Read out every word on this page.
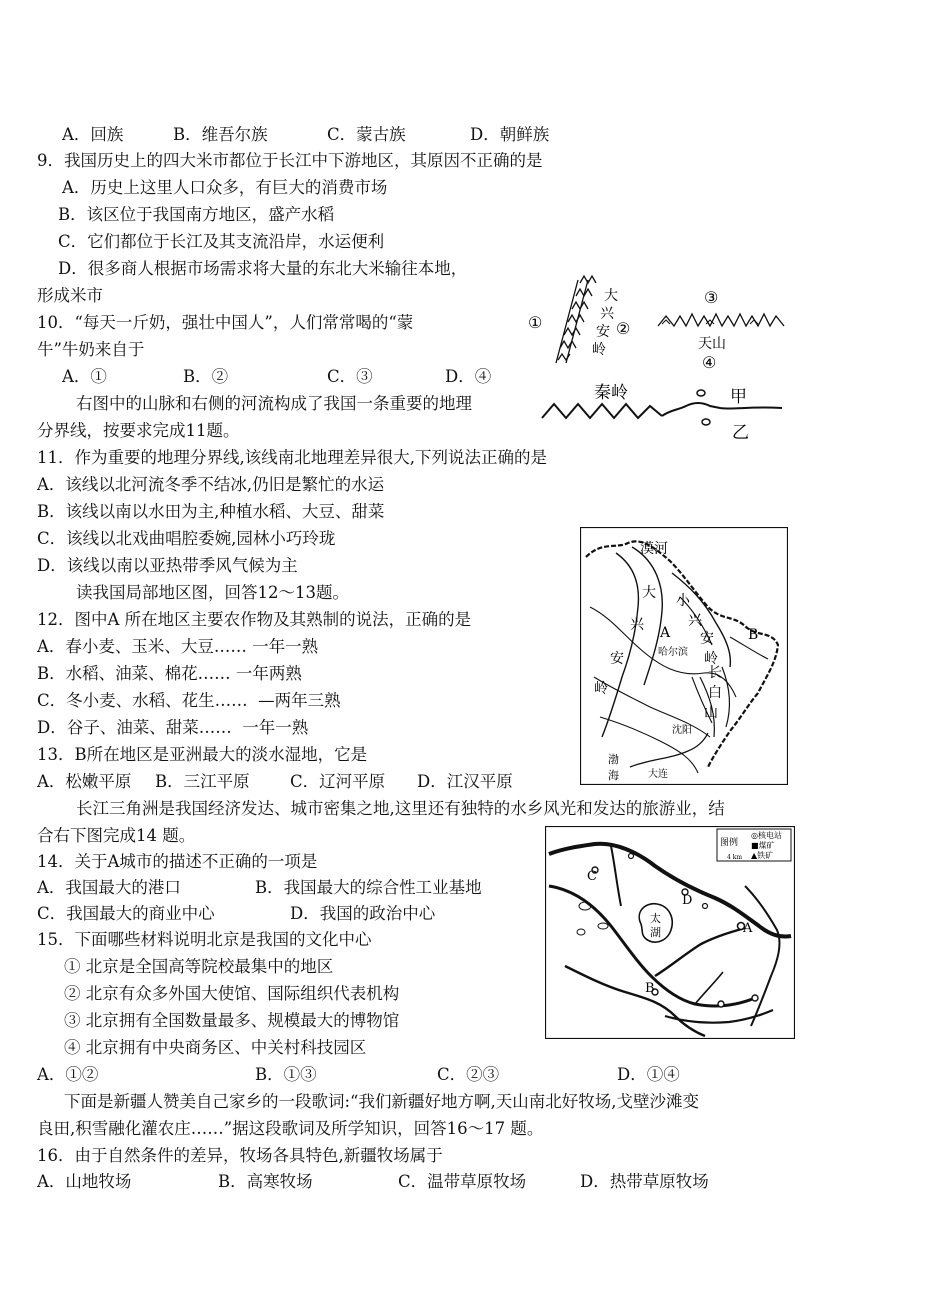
A．回族	B．维吾尔族	C．蒙古族	D．朝鲜族
9．我国历史上的四大米市都位于长江中下游地区，其原因不正确的是
A．历史上这里人口众多，有巨大的消费市场
B．该区位于我国南方地区，盛产水稻
C．它们都位于长江及其支流沿岸，水运便利
D．很多商人根据市场需求将大量的东北大米输往本地，
形成米市
10．“每天一斤奶，强壮中国人”，人们常常喝的“蒙
牛”牛奶来自于
A．①	B．②	C．③	D．④
右图中的山脉和右侧的河流构成了我国一条重要的地理
分界线，按要求完成11题。
11．作为重要的地理分界线,该线南北地理差异很大,下列说法正确的是
A．该线以北河流冬季不结冰,仍旧是繁忙的水运
B．该线以南以水田为主,种植水稻、大豆、甜菜
C．该线以北戏曲唱腔委婉,园林小巧玲珑
D．该线以南以亚热带季风气候为主
读我国局部地区图，回答12～13题。
12．图中A 所在地区主要农作物及其熟制的说法，正确的是
A．春小麦、玉米、大豆…… 一年一熟
B．水稻、油菜、棉花…… 一年两熟
C．冬小麦、水稻、花生……  —两年三熟
D．谷子、油菜、甜菜……  一年一熟
13．B所在地区是亚洲最大的淡水湿地，它是
A．松嫩平原 B．三江平原 C．辽河平原 D．江汉平原
长江三角洲是我国经济发达、城市密集之地,这里还有独特的水乡风光和发达的旅游业，结
合右下图完成14 题。
14．关于A城市的描述不正确的一项是
A．我国最大的港口	B．我国最大的综合性工业基地
C．我国最大的商业中心	D．我国的政治中心
15．下面哪些材料说明北京是我国的文化中心
① 北京是全国高等院校最集中的地区
② 北京有众多外国大使馆、国际组织代表机构
③ 北京拥有全国数量最多、规模最大的博物馆
④ 北京拥有中央商务区、中关村科技园区
A．①②	B．①③	C．②③	D．①④
下面是新疆人赞美自己家乡的一段歌词:“我们新疆好地方啊,天山南北好牧场,戈壁沙滩变
良田,积雪融化灌农庄……”据这段歌词及所学知识，回答16～17 题。
16．由于自然条件的差异，牧场各具特色,新疆牧场属于
A．山地牧场	B．高寒牧场	C．温带草原牧场	D．热带草原牧场
①
大
兴
安
岭
②
③
天山
④
秦岭	甲
乙
漠河
大
兴
安
岭
小
兴
安
岭
A	B
哈尔滨
长
白
山
沈阳
渤
海	大连
图例
◎核电站
■煤矿
▲铁矿
4 km
太
湖
C
D
A
B
